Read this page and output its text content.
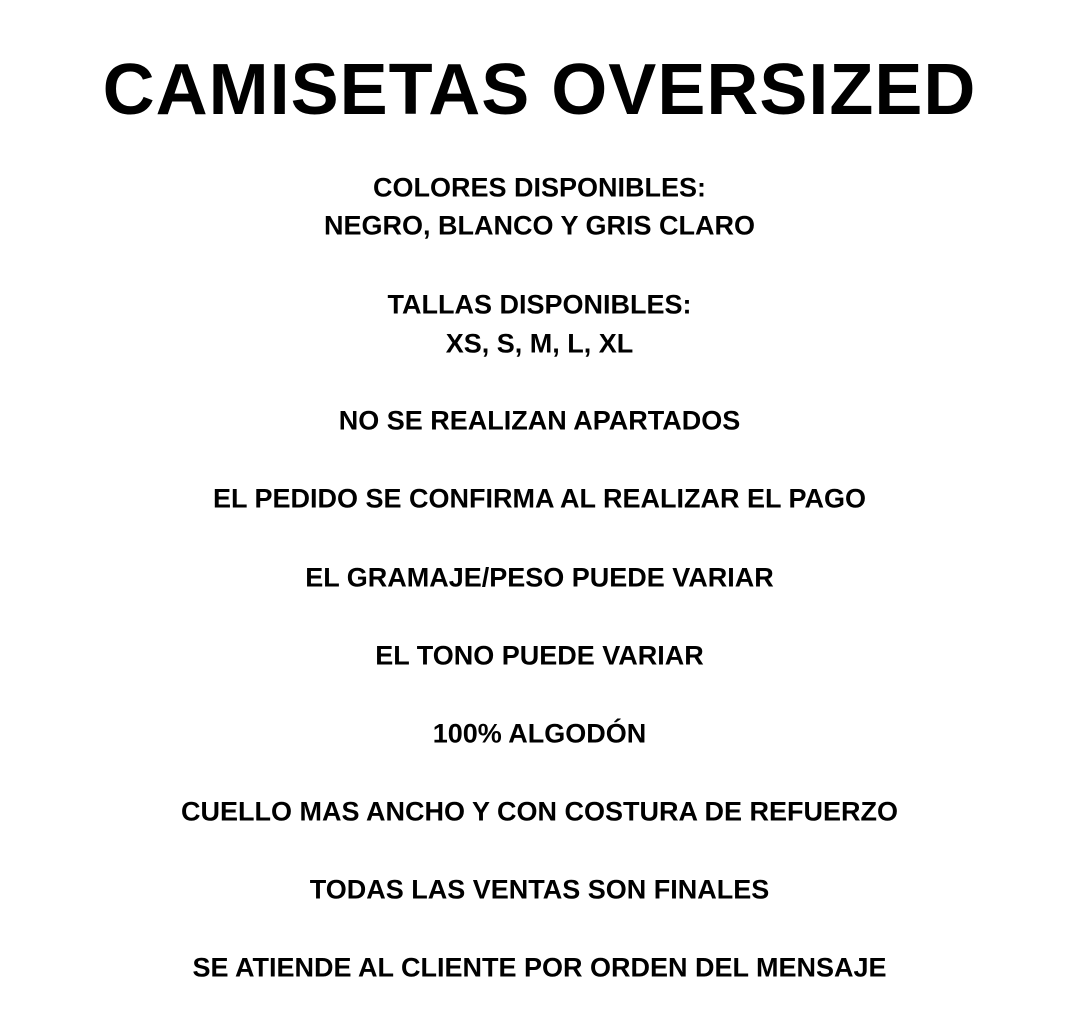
CAMISETAS OVERSIZED
COLORES DISPONIBLES:
NEGRO, BLANCO Y GRIS CLARO
TALLAS DISPONIBLES:
XS, S, M, L, XL
NO SE REALIZAN APARTADOS
EL PEDIDO SE CONFIRMA AL REALIZAR EL PAGO
EL GRAMAJE/PESO PUEDE VARIAR
EL TONO PUEDE VARIAR
100% ALGODÓN
CUELLO MAS ANCHO Y CON COSTURA DE REFUERZO
TODAS LAS VENTAS SON FINALES
SE ATIENDE AL CLIENTE POR ORDEN DEL MENSAJE
